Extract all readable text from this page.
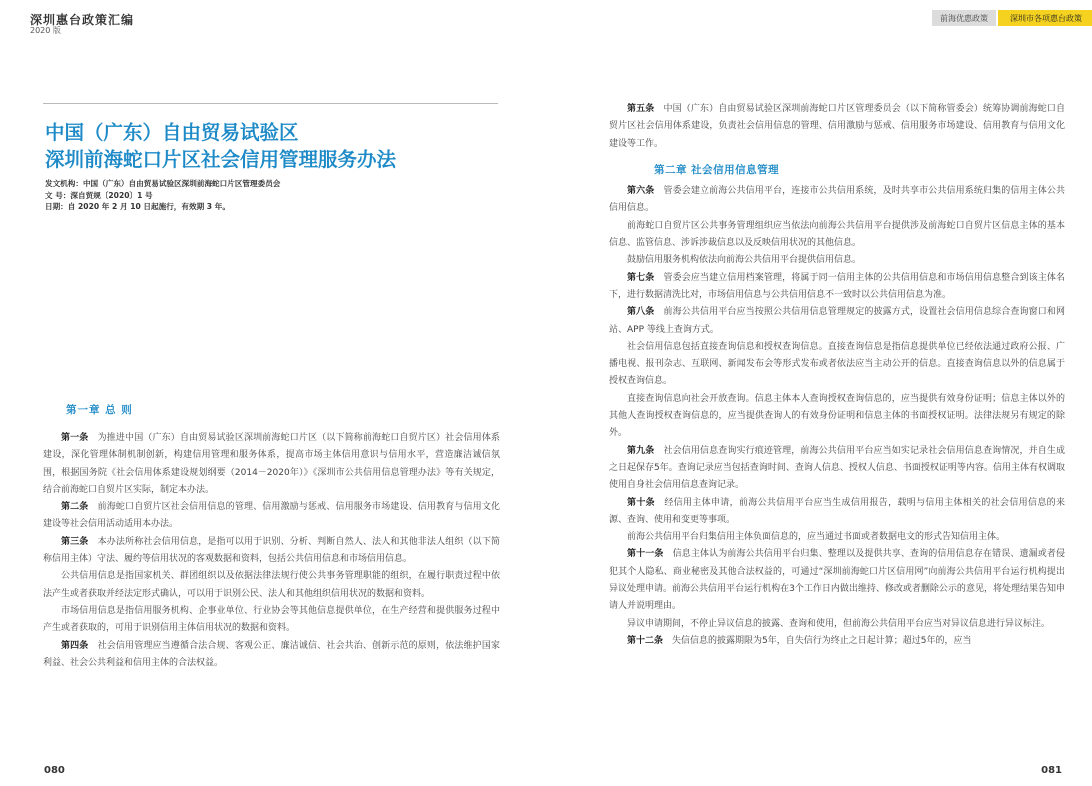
深圳惠台政策汇编
2020 版
中国（广东）自由贸易试验区
深圳前海蛇口片区社会信用管理服务办法
发文机构：中国（广东）自由贸易试验区深圳前海蛇口片区管理委员会
文 号：深自贸规〔2020〕1 号
日期：自 2020 年 2 月 10 日起施行，有效期 3 年。
第一章 总 则

第一条　 为推进中国（广东）自由贸易试验区深圳前海蛇口片区（以下简称前海蛇口自贸片区）社会信用体系建设，深化管理体制机制创新，构建信用管理和服务体系，提高市场主体信用意识与信用水平，营造廉洁诚信氛围，根据国务院《社会信用体系建设规划纲要（2014－2020年）》《深圳市公共信用信息管理办法》等有关规定，结合前海蛇口自贸片区实际，制定本办法。

第二条　 前海蛇口自贸片区社会信用信息的管理、信用激励与惩戒、信用服务市场建设、信用教育与信用文化建设等社会信用活动适用本办法。

第三条　 本办法所称社会信用信息，是指可以用于识别、分析、判断自然人、法人和其他非法人组织（以下简称信用主体）守法、履约等信用状况的客观数据和资料，包括公共信用信息和市场信用信息。

公共信用信息是指国家机关、群团组织以及依据法律法规行使公共事务管理职能的组织，在履行职责过程中依法产生或者获取并经法定形式确认，可以用于识别公民、法人和其他组织信用状况的数据和资料。

市场信用信息是指信用服务机构、企事业单位、行业协会等其他信息提供单位，在生产经营和提供服务过程中产生或者获取的，可用于识别信用主体信用状况的数据和资料。

第四条　 社会信用管理应当遵循合法合规、客观公正、廉洁诚信、社会共治、创新示范的原则，依法维护国家利益、社会公共利益和信用主体的合法权益。

080
前海优惠政策	深圳市各项惠台政策

第五条　 中国（广东）自由贸易试验区深圳前海蛇口片区管理委员会（以下简称管委会）统筹协调前海蛇口自贸片区社会信用体系建设，负责社会信用信息的管理、信用激励与惩戒、信用服务市场建设、信用教育与信用文化建设等工作。

第二章 社会信用信息管理

第六条　 管委会建立前海公共信用平台，连接市公共信用系统，及时共享市公共信用系统归集的信用主体公共信用信息。

前海蛇口自贸片区公共事务管理组织应当依法向前海公共信用平台提供涉及前海蛇口自贸片区信息主体的基本信息、监管信息、涉诉涉裁信息以及反映信用状况的其他信息。

鼓励信用服务机构依法向前海公共信用平台提供信用信息。

第七条　 管委会应当建立信用档案管理，将属于同一信用主体的公共信用信息和市场信用信息整合到该主体名下，进行数据清洗比对，市场信用信息与公共信用信息不一致时以公共信用信息为准。

第八条　 前海公共信用平台应当按照公共信用信息管理规定的披露方式，设置社会信用信息综合查询窗口和网站、APP 等线上查询方式。

社会信用信息包括直接查询信息和授权查询信息。直接查询信息是指信息提供单位已经依法通过政府公报、广播电视、报刊杂志、互联网、新闻发布会等形式发布或者依法应当主动公开的信息。直接查询信息以外的信息属于授权查询信息。

直接查询信息向社会开放查询。信息主体本人查询授权查询信息的，应当提供有效身份证明；信息主体以外的其他人查询授权查询信息的，应当提供查询人的有效身份证明和信息主体的书面授权证明。法律法规另有规定的除外。

第九条　 社会信用信息查询实行痕迹管理，前海公共信用平台应当如实记录社会信用信息查询情况，并自生成之日起保存5年。查询记录应当包括查询时间、查询人信息、授权人信息、书面授权证明等内容。信用主体有权调取使用自身社会信用信息查询记录。

第十条　 经信用主体申请，前海公共信用平台应当生成信用报告，载明与信用主体相关的社会信用信息的来源、查询、使用和变更等事项。

前海公共信用平台归集信用主体负面信息的，应当通过书面或者数据电文的形式告知信用主体。

第十一条　 信息主体认为前海公共信用平台归集、整理以及提供共享、查询的信用信息存在错误、遗漏或者侵犯其个人隐私、商业秘密及其他合法权益的，可通过“深圳前海蛇口片区信用网”向前海公共信用平台运行机构提出异议处理申请。前海公共信用平台运行机构在3个工作日内做出维持、修改或者删除公示的意见，将处理结果告知申请人并说明理由。

异议申请期间，不停止异议信息的披露、查询和使用，但前海公共信用平台应当对异议信息进行异议标注。

第十二条　 失信信息的披露期限为5年，自失信行为终止之日起计算；超过5年的，应当

081
